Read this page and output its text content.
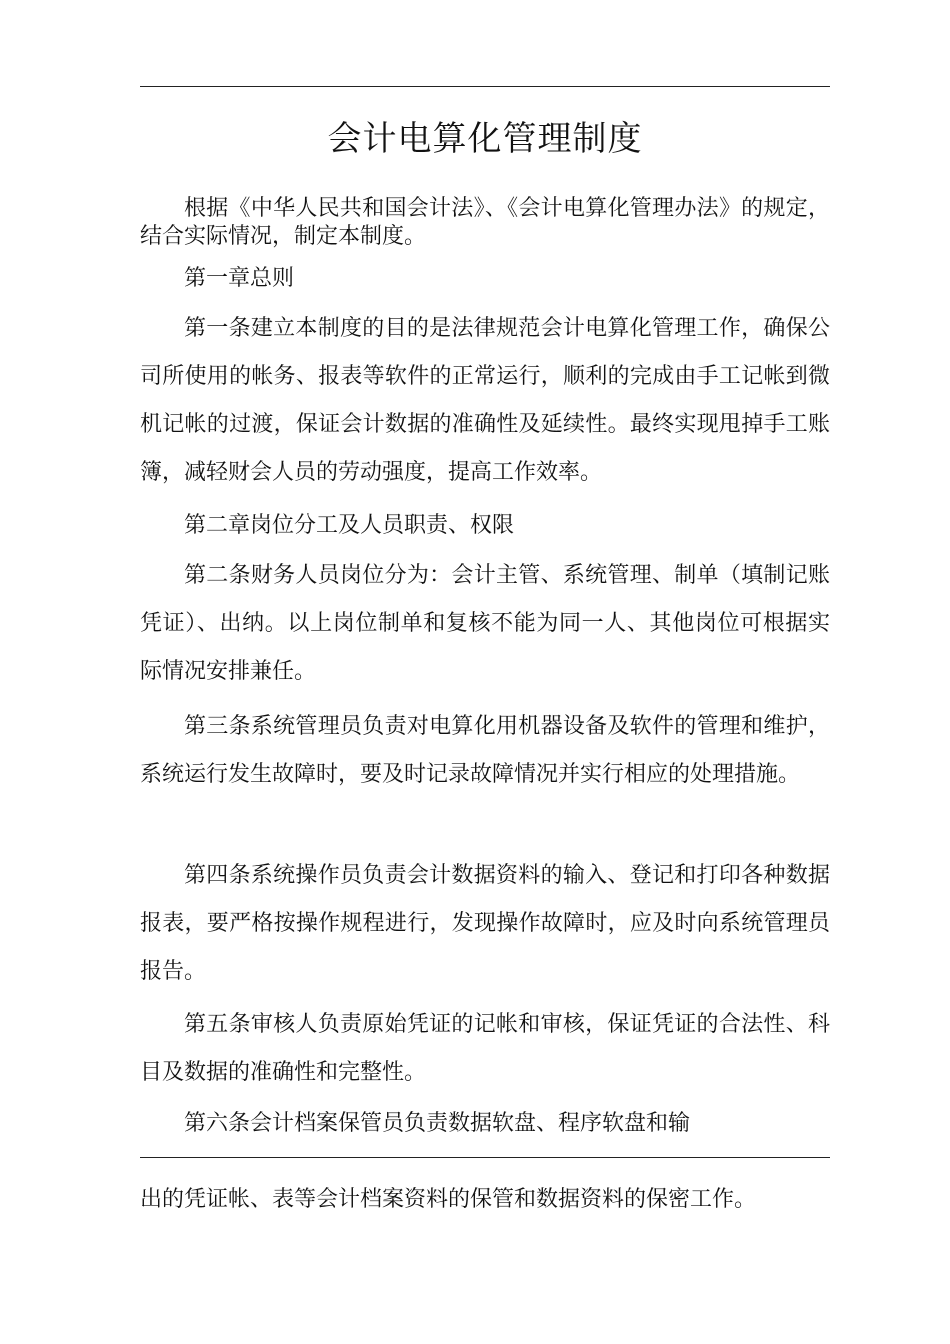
会计电算化管理制度

根据《中华人民共和国会计法》、《会计电算化管理办法》的规定，结合实际情况，制定本制度。

第一章总则

第一条建立本制度的目的是法律规范会计电算化管理工作，确保公司所使用的帐务、报表等软件的正常运行，顺利的完成由手工记帐到微机记帐的过渡，保证会计数据的准确性及延续性。最终实现甩掉手工账簿，减轻财会人员的劳动强度，提高工作效率。

第二章岗位分工及人员职责、权限

第二条财务人员岗位分为：会计主管、系统管理、制单（填制记账凭证）、出纳。以上岗位制单和复核不能为同一人、其他岗位可根据实际情况安排兼任。

第三条系统管理员负责对电算化用机器设备及软件的管理和维护，系统运行发生故障时，要及时记录故障情况并实行相应的处理措施。

第四条系统操作员负责会计数据资料的输入、登记和打印各种数据报表，要严格按操作规程进行，发现操作故障时，应及时向系统管理员报告。

第五条审核人负责原始凭证的记帐和审核，保证凭证的合法性、科目及数据的准确性和完整性。

第六条会计档案保管员负责数据软盘、程序软盘和输

出的凭证帐、表等会计档案资料的保管和数据资料的保密工作。
